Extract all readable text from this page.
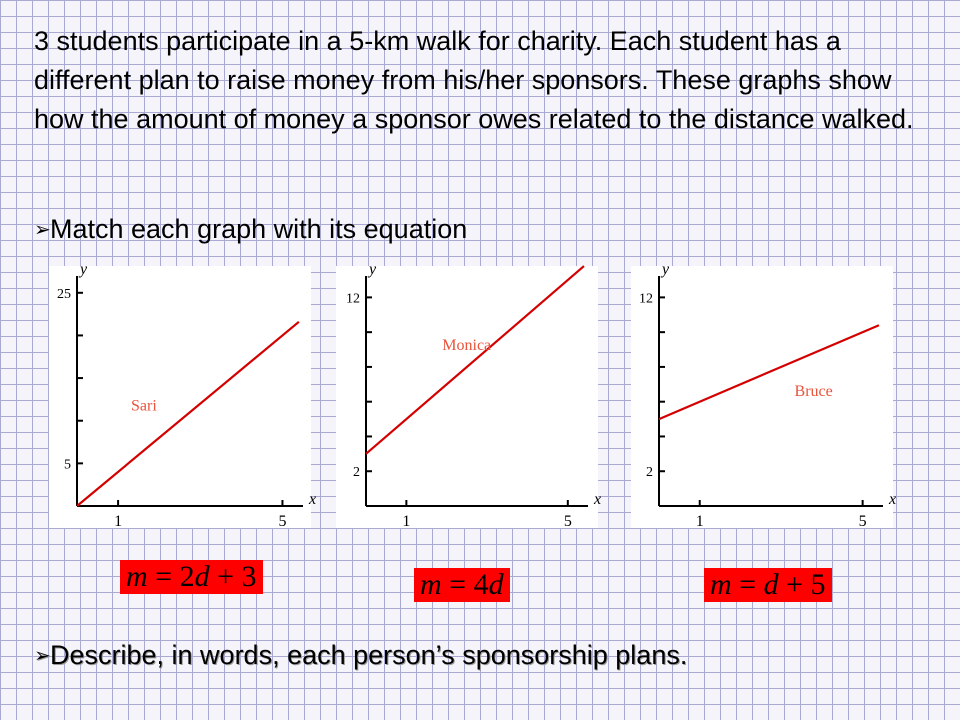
3 students participate in a 5-km walk for charity. Each student has a different plan to raise money from his/her sponsors. These graphs show how the amount of money a sponsor owes related to the distance walked.

➢ Match each graph with its equation
1	5
5
25
x
y
Sari
1	5
2
12
x
y
Monica
1	5
2
12
x
y
Bruce
m = 2d + 3	m = 4d	m = d + 5
➢ Describe, in words, each person’s sponsorship plans.
